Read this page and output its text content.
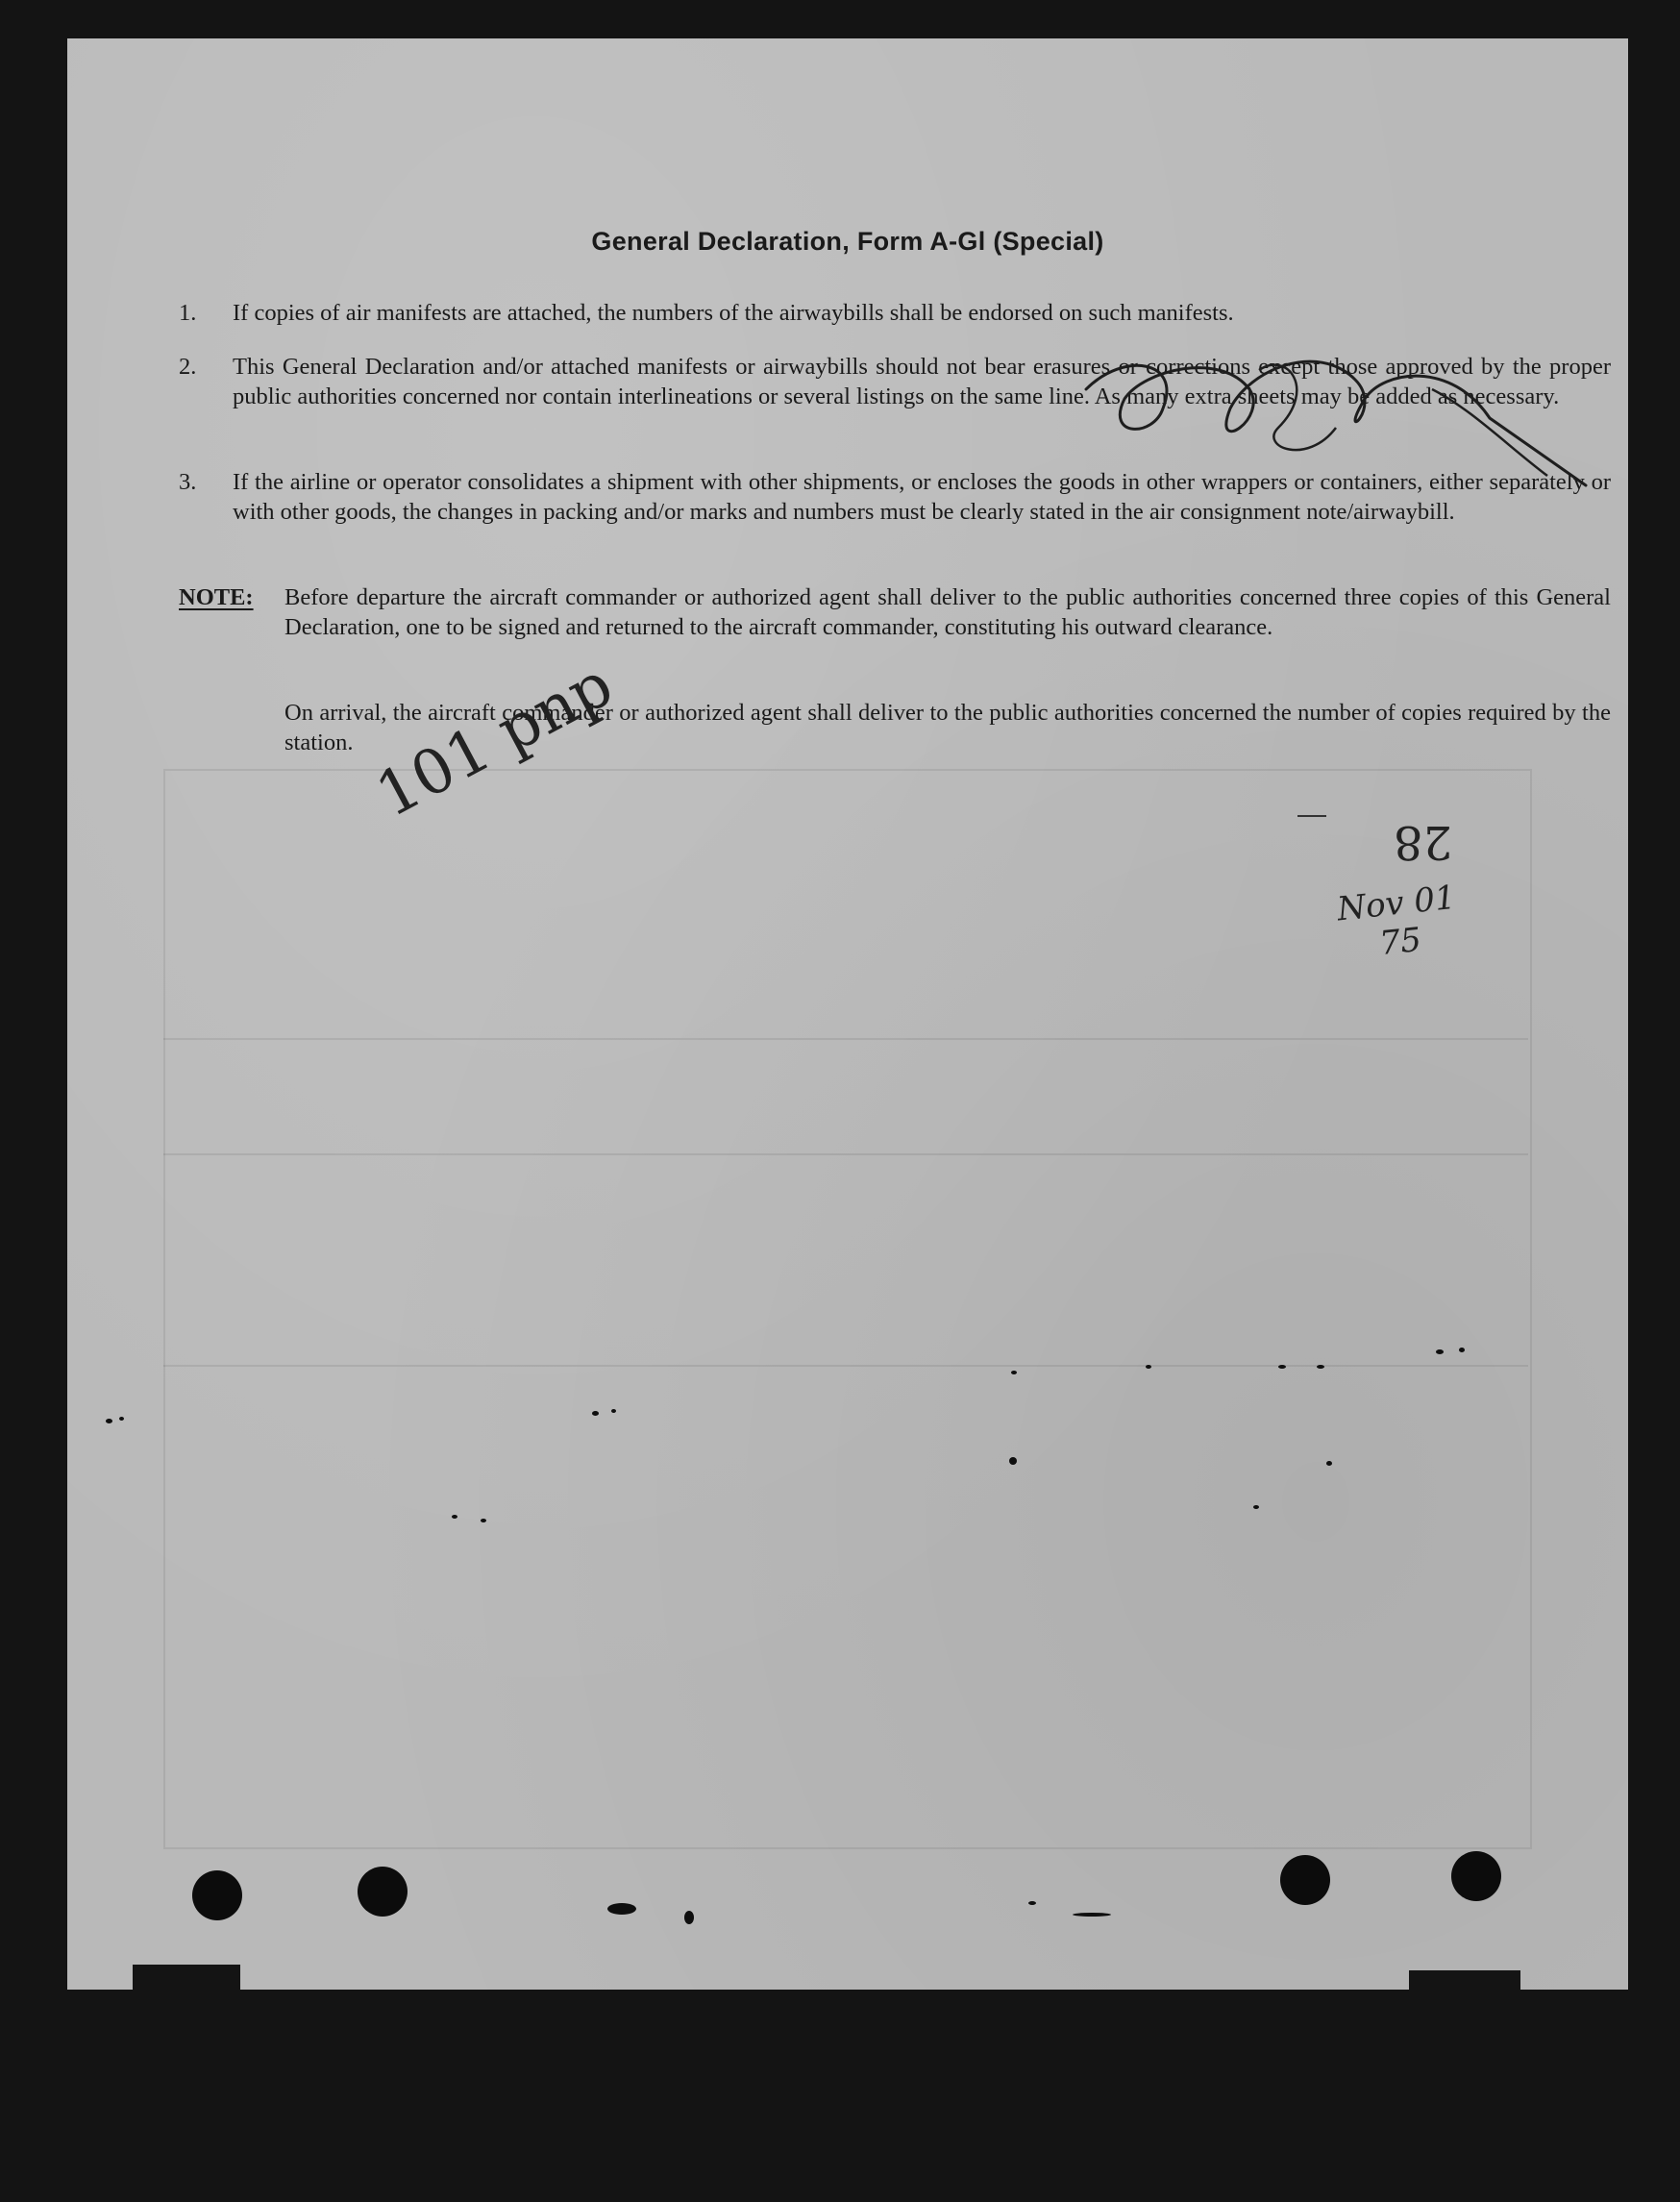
General Declaration, Form A-Gl (Special)
1. If copies of air manifests are attached, the numbers of the airwaybills shall be endorsed on such manifests.
2. This General Declaration and/or attached manifests or airwaybills should not bear erasures or corrections except those approved by the proper public authorities concerned nor contain interlineations or several listings on the same line. As many extra sheets may be added as necessary.
3. If the airline or operator consolidates a shipment with other shipments, or encloses the goods in other wrappers or containers, either separately or with other goods, the changes in packing and/or marks and numbers must be clearly stated in the air consignment note/airwaybill.
NOTE: Before departure the aircraft commander or authorized agent shall deliver to the public authorities concerned three copies of this General Declaration, one to be signed and returned to the aircraft commander, constituting his outward clearance.
On arrival, the aircraft commander or authorized agent shall deliver to the public authorities concerned the number of copies required by the station. 101 pnp
28
Nov 01 75
